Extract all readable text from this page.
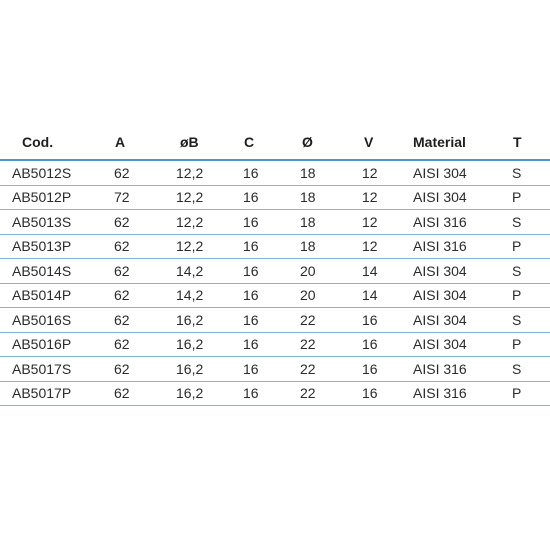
Cod.	A	øB	C	Ø	V	Material	T
AB5012S	62	12,2	16	18	12	AISI 304	S
AB5012P	72	12,2	16	18	12	AISI 304	P
AB5013S	62	12,2	16	18	12	AISI 316	S
AB5013P	62	12,2	16	18	12	AISI 316	P
AB5014S	62	14,2	16	20	14	AISI 304	S
AB5014P	62	14,2	16	20	14	AISI 304	P
AB5016S	62	16,2	16	22	16	AISI 304	S
AB5016P	62	16,2	16	22	16	AISI 304	P
AB5017S	62	16,2	16	22	16	AISI 316	S
AB5017P	62	16,2	16	22	16	AISI 316	P
